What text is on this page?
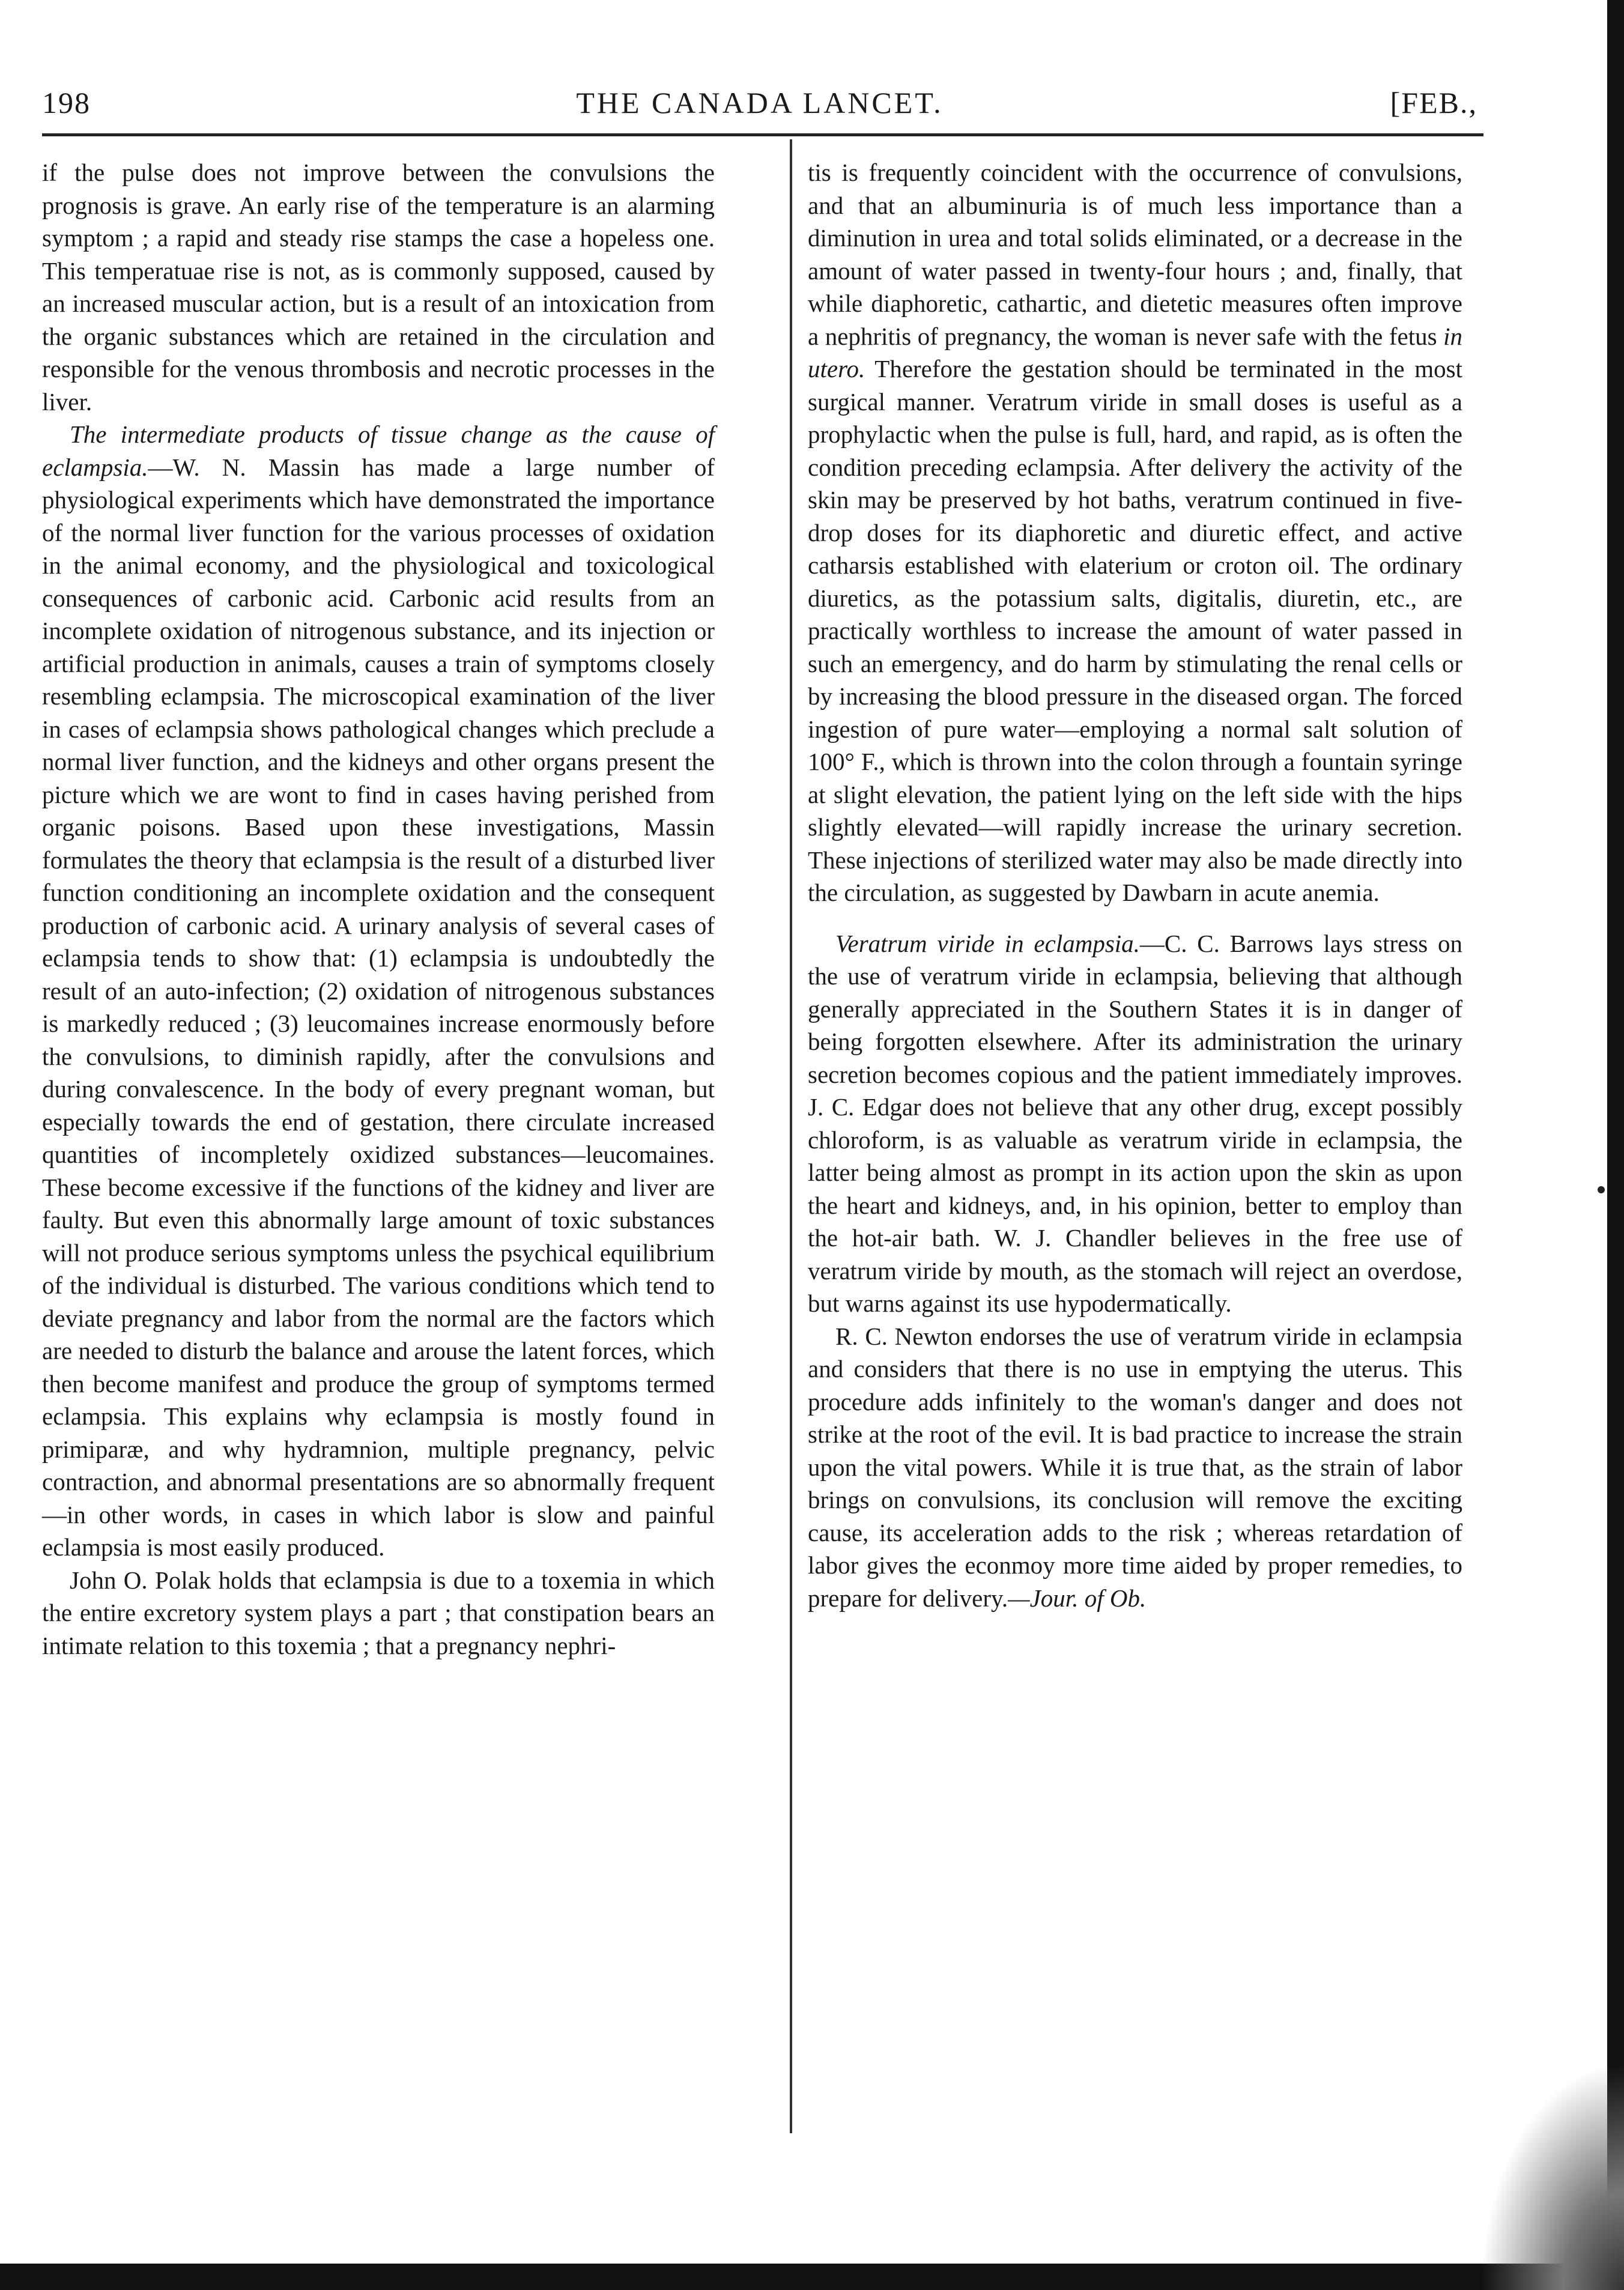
198	THE CANADA LANCET.	[FEB.,

if the pulse does not improve between the convulsions the prognosis is grave. An early rise of the temperature is an alarming symptom ; a rapid and steady rise stamps the case a hopeless one. This temperatuae rise is not, as is commonly supposed, caused by an increased muscular action, but is a result of an intoxication from the organic substances which are retained in the circulation and responsible for the venous thrombosis and necrotic processes in the liver.

The intermediate products of tissue change as the cause of eclampsia.—W. N. Massin has made a large number of physiological experiments which have demonstrated the importance of the normal liver function for the various processes of oxidation in the animal economy, and the physiological and toxicological consequences of carbonic acid. Carbonic acid results from an incomplete oxidation of nitrogenous substance, and its injection or artificial production in animals, causes a train of symptoms closely resembling eclampsia. The microscopical examination of the liver in cases of eclampsia shows pathological changes which preclude a normal liver function, and the kidneys and other organs present the picture which we are wont to find in cases having perished from organic poisons. Based upon these investigations, Massin formulates the theory that eclampsia is the result of a disturbed liver function conditioning an incomplete oxidation and the consequent production of carbonic acid. A urinary analysis of several cases of eclampsia tends to show that: (1) eclampsia is undoubtedly the result of an auto-infection; (2) oxidation of nitrogenous substances is markedly reduced ; (3) leucomaines increase enormously before the convulsions, to diminish rapidly, after the convulsions and during convalescence. In the body of every pregnant woman, but especially towards the end of gestation, there circulate increased quantities of incompletely oxidized substances—leucomaines. These become excessive if the functions of the kidney and liver are faulty. But even this abnormally large amount of toxic substances will not produce serious symptoms unless the psychical equilibrium of the individual is disturbed. The various conditions which tend to deviate pregnancy and labor from the normal are the factors which are needed to disturb the balance and arouse the latent forces, which then become manifest and produce the group of symptoms termed eclampsia. This explains why eclampsia is mostly found in primiparæ, and why hydramnion, multiple pregnancy, pelvic contraction, and abnormal presentations are so abnormally frequent —in other words, in cases in which labor is slow and painful eclampsia is most easily produced.

John O. Polak holds that eclampsia is due to a toxemia in which the entire excretory system plays a part ; that constipation bears an intimate relation to this toxemia ; that a pregnancy nephri-

tis is frequently coincident with the occurrence of convulsions, and that an albuminuria is of much less importance than a diminution in urea and total solids eliminated, or a decrease in the amount of water passed in twenty-four hours ; and, finally, that while diaphoretic, cathartic, and dietetic measures often improve a nephritis of pregnancy, the woman is never safe with the fetus in utero. Therefore the gestation should be terminated in the most surgical manner. Veratrum viride in small doses is useful as a prophylactic when the pulse is full, hard, and rapid, as is often the condition preceding eclampsia. After delivery the activity of the skin may be preserved by hot baths, veratrum continued in five-drop doses for its diaphoretic and diuretic effect, and active catharsis established with elaterium or croton oil. The ordinary diuretics, as the potassium salts, digitalis, diuretin, etc., are practically worthless to increase the amount of water passed in such an emergency, and do harm by stimulating the renal cells or by increasing the blood pressure in the diseased organ. The forced ingestion of pure water—employing a normal salt solution of 100° F., which is thrown into the colon through a fountain syringe at slight elevation, the patient lying on the left side with the hips slightly elevated—will rapidly increase the urinary secretion. These injections of sterilized water may also be made directly into the circulation, as suggested by Dawbarn in acute anemia.

Veratrum viride in eclampsia.—C. C. Barrows lays stress on the use of veratrum viride in eclampsia, believing that although generally appreciated in the Southern States it is in danger of being forgotten elsewhere. After its administration the urinary secretion becomes copious and the patient immediately improves. J. C. Edgar does not believe that any other drug, except possibly chloroform, is as valuable as veratrum viride in eclampsia, the latter being almost as prompt in its action upon the skin as upon the heart and kidneys, and, in his opinion, better to employ than the hot-air bath. W. J. Chandler believes in the free use of veratrum viride by mouth, as the stomach will reject an overdose, but warns against its use hypodermatically.

R. C. Newton endorses the use of veratrum viride in eclampsia and considers that there is no use in emptying the uterus. This procedure adds infinitely to the woman's danger and does not strike at the root of the evil. It is bad practice to increase the strain upon the vital powers. While it is true that, as the strain of labor brings on convulsions, its conclusion will remove the exciting cause, its acceleration adds to the risk ; whereas retardation of labor gives the econmoy more time aided by proper remedies, to prepare for delivery.—Jour. of Ob.
